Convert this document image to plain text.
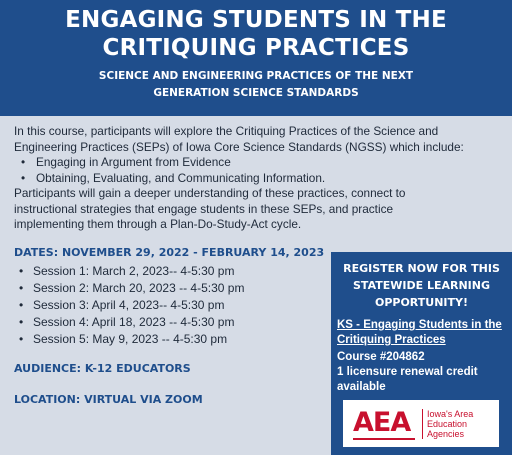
ENGAGING STUDENTS IN THE
CRITIQUING PRACTICES
SCIENCE AND ENGINEERING PRACTICES OF THE NEXT
GENERATION SCIENCE STANDARDS
In this course, participants will explore the Critiquing Practices of the Science and
Engineering Practices (SEPs) of Iowa Core Science Standards (NGSS) which include:
• Engaging in Argument from Evidence
• Obtaining, Evaluating, and Communicating Information.
Participants will gain a deeper understanding of these practices, connect to
instructional strategies that engage students in these SEPs, and practice
implementing them through a Plan-Do-Study-Act cycle.
DATES: NOVEMBER 29, 2022 - FEBRUARY 14, 2023
• Session 1: March 2, 2023-- 4-5:30 pm
• Session 2: March 20, 2023 -- 4-5:30 pm
• Session 3: April 4, 2023-- 4-5:30 pm
• Session 4: April 18, 2023 -- 4-5:30 pm
• Session 5: May 9, 2023 -- 4-5:30 pm
AUDIENCE: K-12 EDUCATORS
LOCATION: VIRTUAL VIA ZOOM
REGISTER NOW FOR THIS
STATEWIDE LEARNING
OPPORTUNITY!
KS - Engaging Students in the
Critiquing Practices
Course #204862
1 licensure renewal credit
available
AEA Iowa's Area
Education
Agencies
